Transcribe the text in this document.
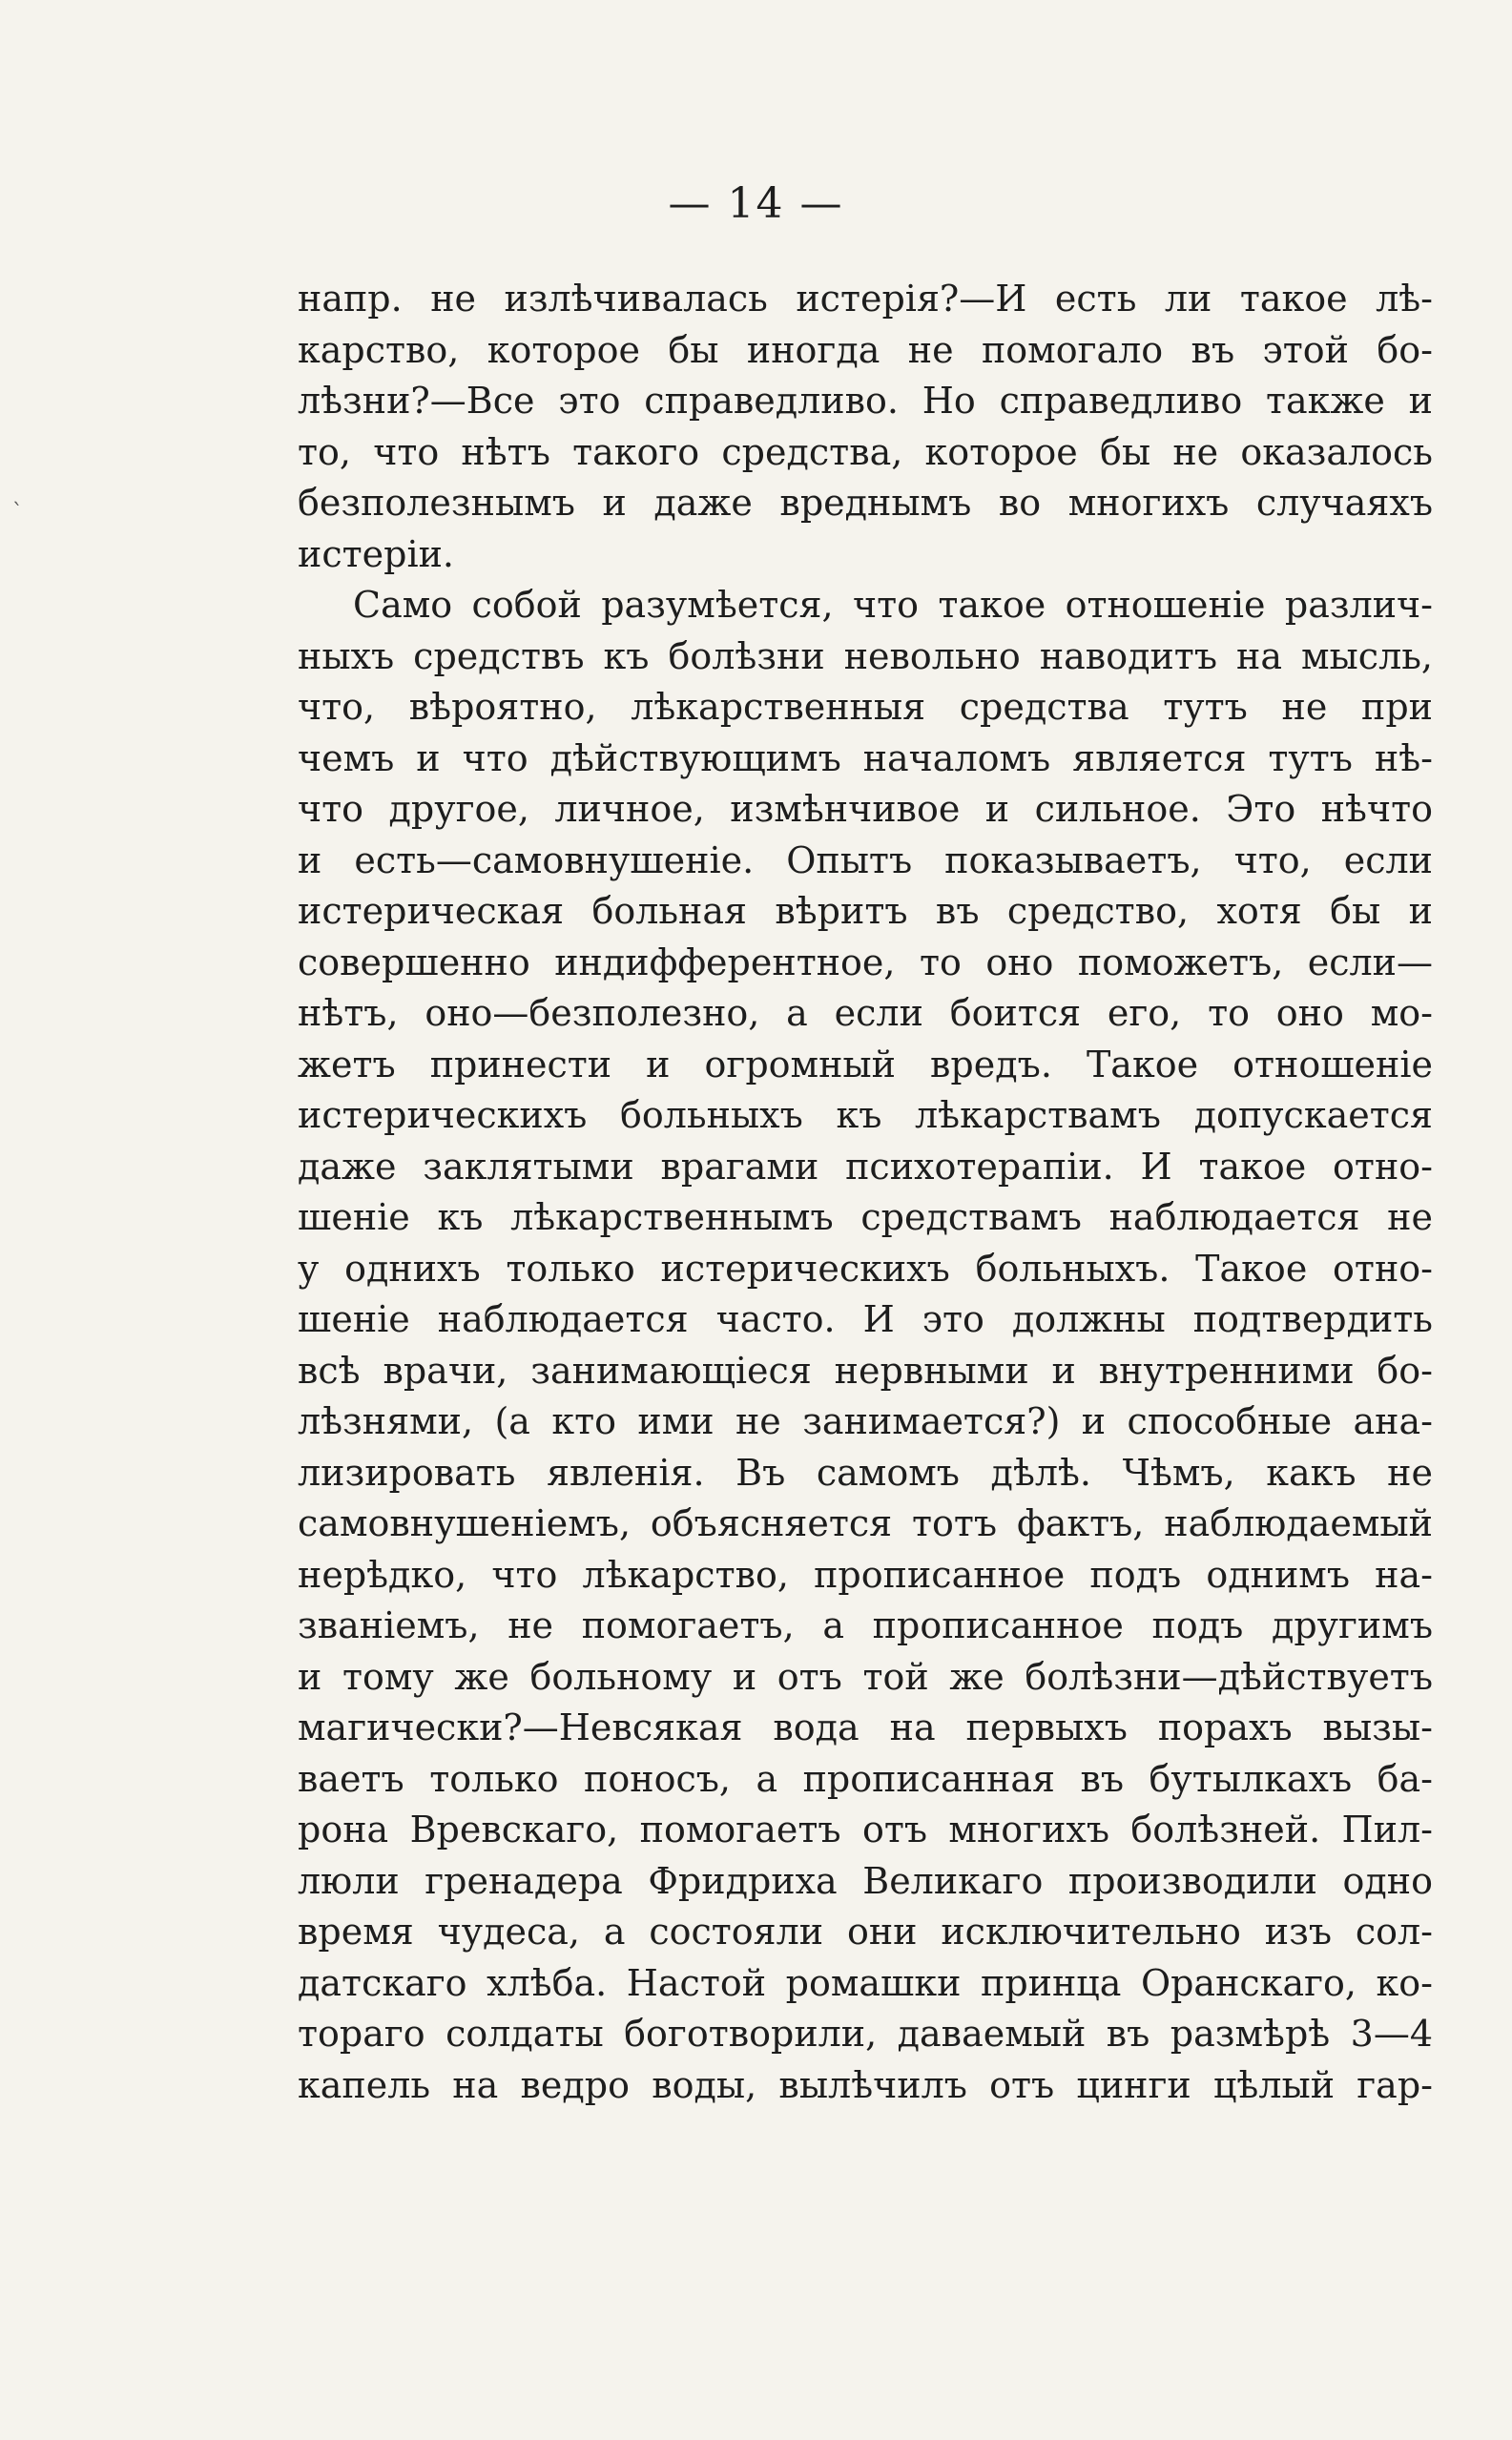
— 14 —
`
напр. не излѣчивалась истерія?—И есть ли такое лѣ-
карство, которое бы иногда не помогало въ этой бо-
лѣзни?—Все это справедливо. Но справедливо также и
то, что нѣтъ такого средства, которое бы не оказалось
безполезнымъ и даже вреднымъ во многихъ случаяхъ
истеріи.
Само собой разумѣется, что такое отношеніе различ-
ныхъ средствъ къ болѣзни невольно наводитъ на мысль,
что, вѣроятно, лѣкарственныя средства тутъ не при
чемъ и что дѣйствующимъ началомъ является тутъ нѣ-
что другое, личное, измѣнчивое и сильное. Это нѣчто
и есть—самовнушеніе. Опытъ показываетъ, что, если
истерическая больная вѣритъ въ средство, хотя бы и
совершенно индифферентное, то оно поможетъ, если—
нѣтъ, оно—безполезно, а если боится его, то оно мо-
жетъ принести и огромный вредъ. Такое отношеніе
истерическихъ больныхъ къ лѣкарствамъ допускается
даже заклятыми врагами психотерапіи. И такое отно-
шеніе къ лѣкарственнымъ средствамъ наблюдается не
у однихъ только истерическихъ больныхъ. Такое отно-
шеніе наблюдается часто. И это должны подтвердить
всѣ врачи, занимающіеся нервными и внутренними бо-
лѣзнями, (а кто ими не занимается?) и способные ана-
лизировать явленія. Въ самомъ дѣлѣ. Чѣмъ, какъ не
самовнушеніемъ, объясняется тотъ фактъ, наблюдаемый
нерѣдко, что лѣкарство, прописанное подъ однимъ на-
званіемъ, не помогаетъ, а прописанное подъ другимъ
и тому же больному и отъ той же болѣзни—дѣйствуетъ
магически?—Невсякая вода на первыхъ порахъ вызы-
ваетъ только поносъ, а прописанная въ бутылкахъ ба-
рона Вревскаго, помогаетъ отъ многихъ болѣзней. Пил-
люли гренадера Фридриха Великаго производили одно
время чудеса, а состояли они исключительно изъ сол-
датскаго хлѣба. Настой ромашки принца Оранскаго, ко-
тораго солдаты боготворили, даваемый въ размѣрѣ 3—4
капель на ведро воды, вылѣчилъ отъ цинги цѣлый гар-
